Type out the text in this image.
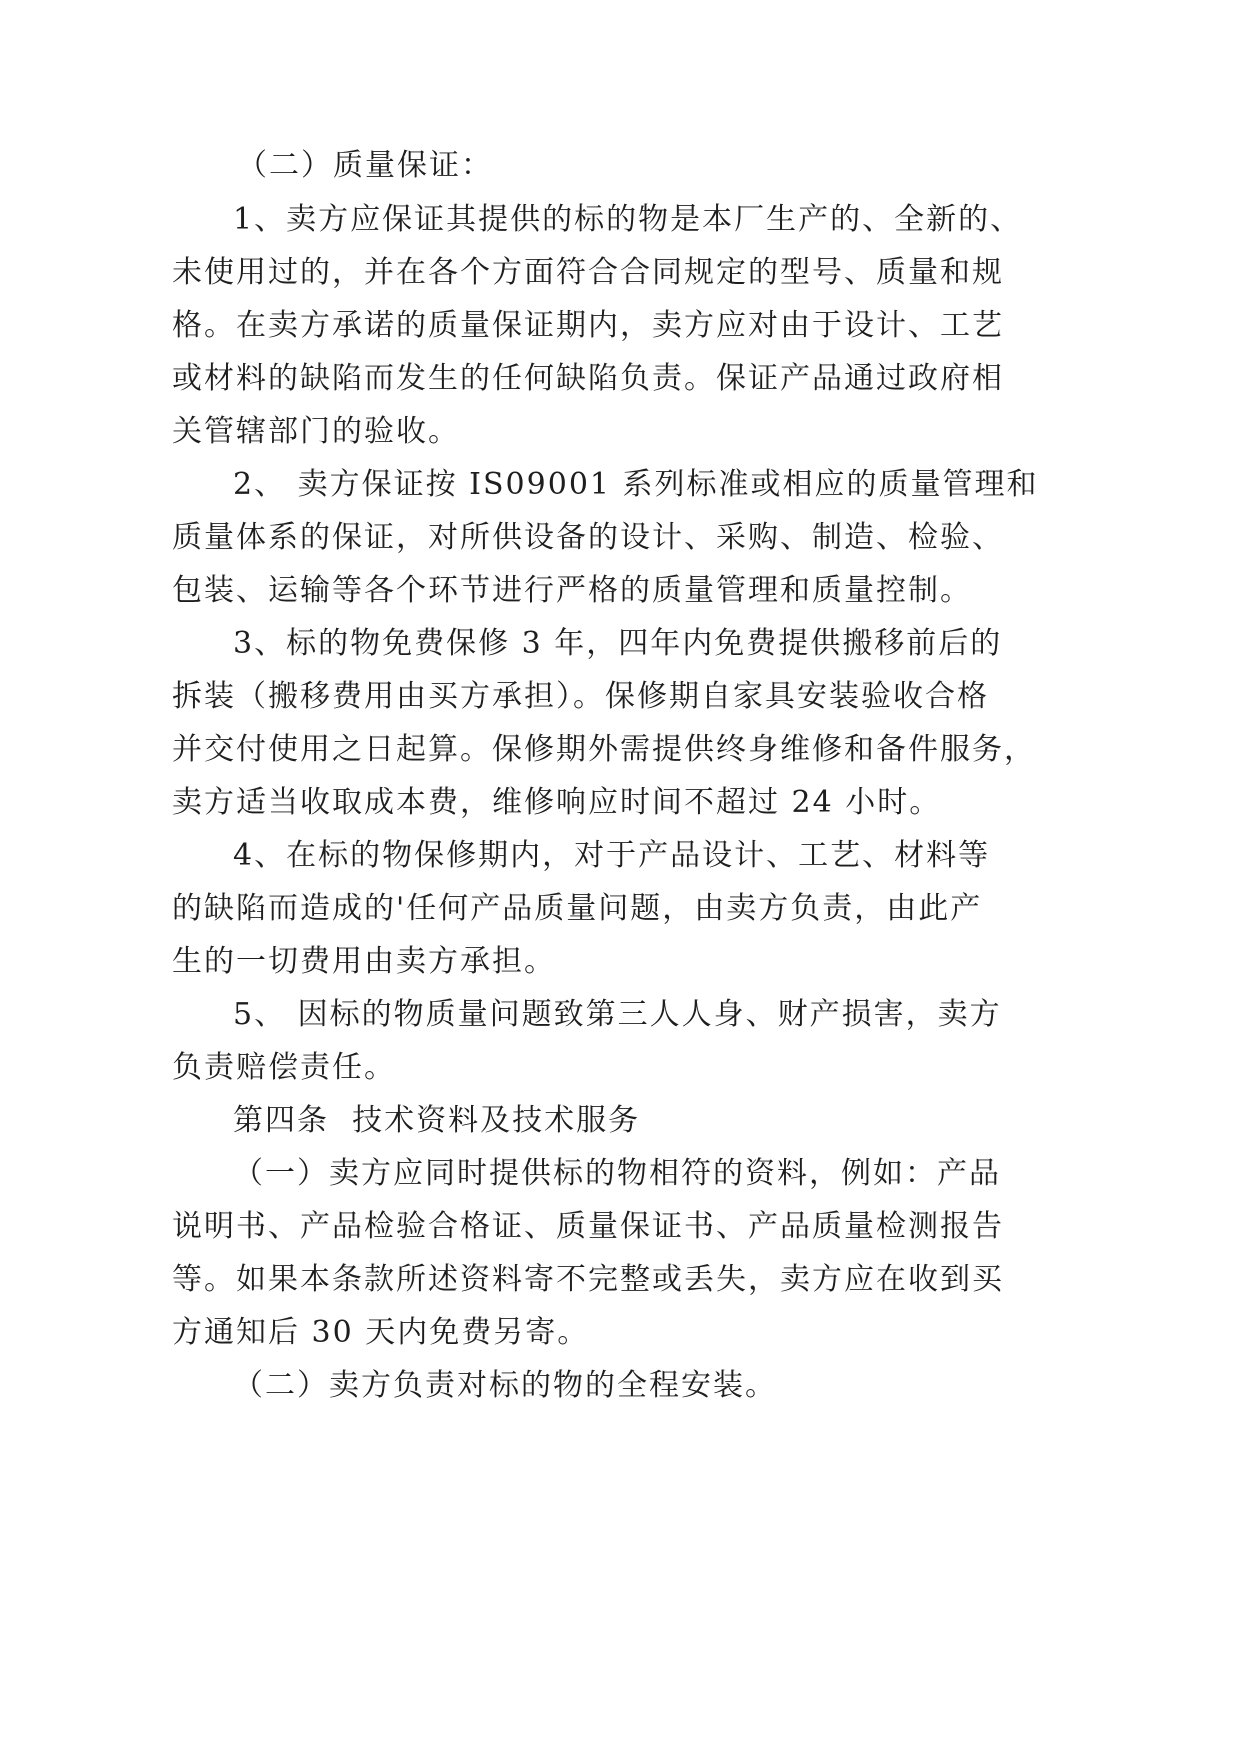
（二）质量保证：
1、卖方应保证其提供的标的物是本厂生产的、全新的、
未使用过的，并在各个方面符合合同规定的型号、质量和规
格。在卖方承诺的质量保证期内，卖方应对由于设计、工艺
或材料的缺陷而发生的任何缺陷负责。保证产品通过政府相
关管辖部门的验收。
2、 卖方保证按 IS09001 系列标准或相应的质量管理和
质量体系的保证，对所供设备的设计、采购、制造、检验、
包装、运输等各个环节进行严格的质量管理和质量控制。
3、标的物免费保修 3 年，四年内免费提供搬移前后的
拆装（搬移费用由买方承担）。保修期自家具安装验收合格
并交付使用之日起算。保修期外需提供终身维修和备件服务，
卖方适当收取成本费，维修响应时间不超过 24 小时。
4、在标的物保修期内，对于产品设计、工艺、材料等
的缺陷而造成的'任何产品质量问题，由卖方负责，由此产
生的一切费用由卖方承担。
5、 因标的物质量问题致第三人人身、财产损害，卖方
负责赔偿责任。
第四条  技术资料及技术服务
（一）卖方应同时提供标的物相符的资料，例如：产品
说明书、产品检验合格证、质量保证书、产品质量检测报告
等。如果本条款所述资料寄不完整或丢失，卖方应在收到买
方通知后 30 天内免费另寄。
（二）卖方负责对标的物的全程安装。
